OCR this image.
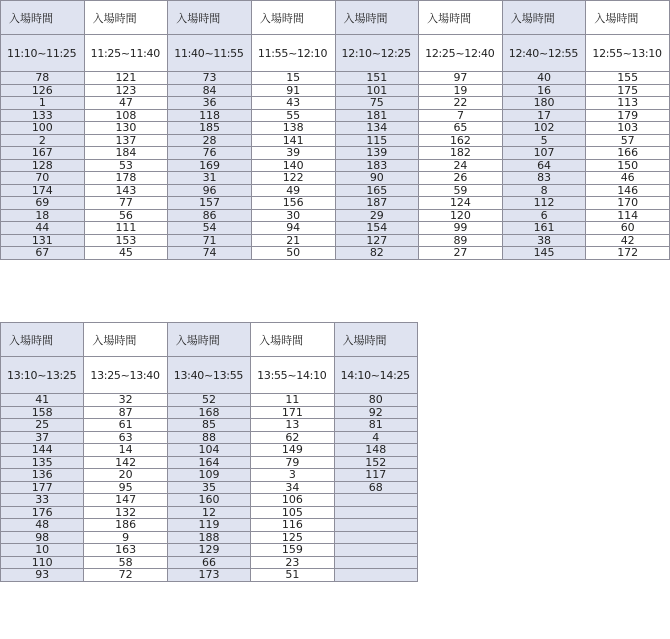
入場時間	入場時間	入場時間	入場時間	入場時間	入場時間	入場時間	入場時間
11:10~11:25	11:25~11:40	11:40~11:55	11:55~12:10	12:10~12:25	12:25~12:40	12:40~12:55	12:55~13:10
78	121	73	15	151	97	40	155
126	123	84	91	101	19	16	175
1	47	36	43	75	22	180	113
133	108	118	55	181	7	17	179
100	130	185	138	134	65	102	103
2	137	28	141	115	162	5	57
167	184	76	39	139	182	107	166
128	53	169	140	183	24	64	150
70	178	31	122	90	26	83	46
174	143	96	49	165	59	8	146
69	77	157	156	187	124	112	170
18	56	86	30	29	120	6	114
44	111	54	94	154	99	161	60
131	153	71	21	127	89	38	42
67	45	74	50	82	27	145	172
入場時間	入場時間	入場時間	入場時間	入場時間
13:10~13:25	13:25~13:40	13:40~13:55	13:55~14:10	14:10~14:25
41	32	52	11	80
158	87	168	171	92
25	61	85	13	81
37	63	88	62	4
144	14	104	149	148
135	142	164	79	152
136	20	109	3	117
177	95	35	34	68
33	147	160	106	
176	132	12	105	
48	186	119	116	
98	9	188	125	
10	163	129	159	
110	58	66	23	
93	72	173	51	
